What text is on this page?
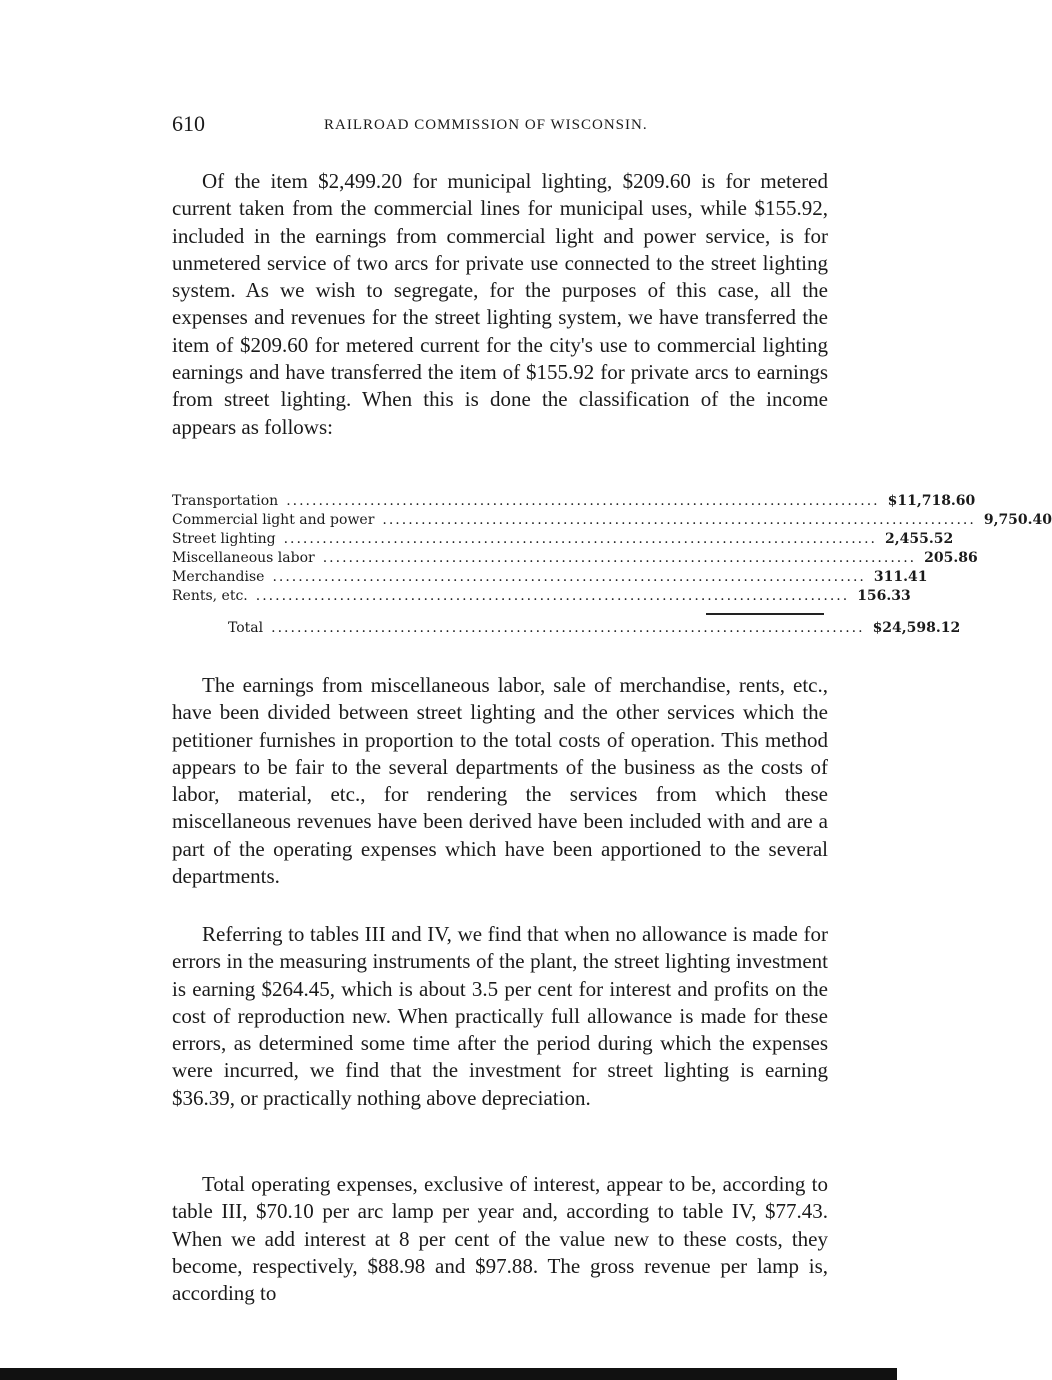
610	RAILROAD COMMISSION OF WISCONSIN.

Of the item $2,499.20 for municipal lighting, $209.60 is for metered current taken from the commercial lines for municipal uses, while $155.92, included in the earnings from commercial light and power service, is for unmetered service of two arcs for private use connected to the street lighting system. As we wish to segregate, for the purposes of this case, all the expenses and revenues for the street lighting system, we have transferred the item of $209.60 for metered current for the city's use to commercial lighting earnings and have transferred the item of $155.92 for private arcs to earnings from street lighting. When this is done the classification of the income appears as follows:

Transportation ............................................................................................ $11,718.60
Commercial light and power ............................................................................................ 9,750.40
Street lighting ............................................................................................ 2,455.52
Miscellaneous labor ............................................................................................ 205.86
Merchandise ............................................................................................ 311.41
Rents, etc. ............................................................................................ 156.33
Total ............................................................................................ $24,598.12

The earnings from miscellaneous labor, sale of merchandise, rents, etc., have been divided between street lighting and the other services which the petitioner furnishes in proportion to the total costs of operation. This method appears to be fair to the several departments of the business as the costs of labor, material, etc., for rendering the services from which these miscellaneous revenues have been derived have been included with and are a part of the operating expenses which have been apportioned to the several departments.

Referring to tables III and IV, we find that when no allowance is made for errors in the measuring instruments of the plant, the street lighting investment is earning $264.45, which is about 3.5 per cent for interest and profits on the cost of reproduction new. When practically full allowance is made for these errors, as determined some time after the period during which the expenses were incurred, we find that the investment for street lighting is earning $36.39, or practically nothing above depreciation.

Total operating expenses, exclusive of interest, appear to be, according to table III, $70.10 per arc lamp per year and, according to table IV, $77.43. When we add interest at 8 per cent of the value new to these costs, they become, respectively, $88.98 and $97.88. The gross revenue per lamp is, according to
